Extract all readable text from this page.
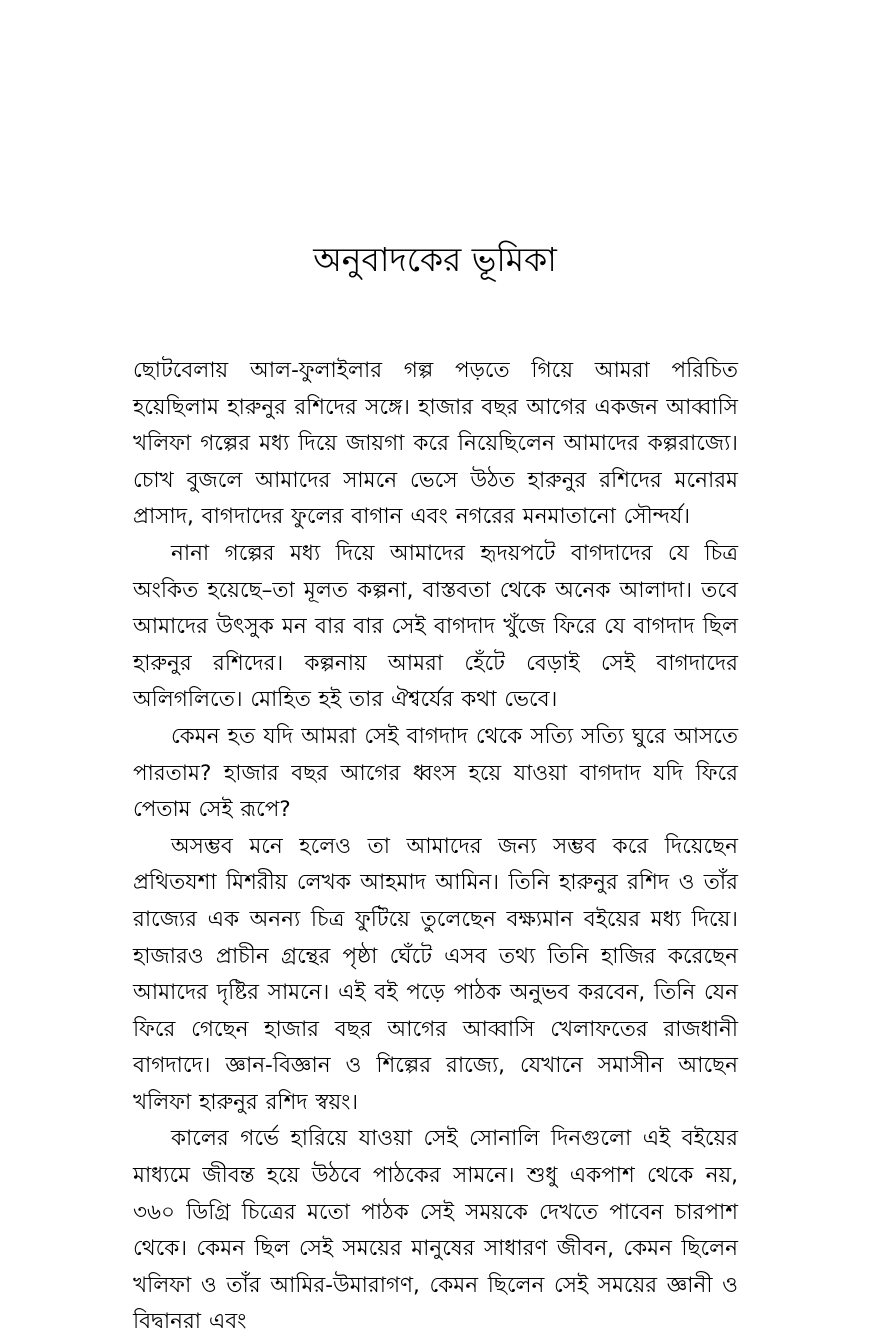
অনুবাদকের ভূমিকা

ছোটবেলায় আল-ফুলাইলার গল্প পড়তে গিয়ে আমরা পরিচিত হয়েছিলাম হারুনুর রশিদের সঙ্গে। হাজার বছর আগের একজন আব্বাসি খলিফা গল্পের মধ্য দিয়ে জায়গা করে নিয়েছিলেন আমাদের কল্পরাজ্যে। চোখ বুজলে আমাদের সামনে ভেসে উঠত হারুনুর রশিদের মনোরম প্রাসাদ, বাগদাদের ফুলের বাগান এবং নগরের মনমাতানো সৌন্দর্য।

নানা গল্পের মধ্য দিয়ে আমাদের হৃদয়পটে বাগদাদের যে চিত্র অংকিত হয়েছে–তা মূলত কল্পনা, বাস্তবতা থেকে অনেক আলাদা। তবে আমাদের উৎসুক মন বার বার সেই বাগদাদ খুঁজে ফিরে যে বাগদাদ ছিল হারুনুর রশিদের। কল্পনায় আমরা হেঁটে বেড়াই সেই বাগদাদের অলিগলিতে। মোহিত হই তার ঐশ্বর্যের কথা ভেবে।

কেমন হত যদি আমরা সেই বাগদাদ থেকে সত্যি সত্যি ঘুরে আসতে পারতাম? হাজার বছর আগের ধ্বংস হয়ে যাওয়া বাগদাদ যদি ফিরে পেতাম সেই রূপে?

অসম্ভব মনে হলেও তা আমাদের জন্য সম্ভব করে দিয়েছেন প্রথিতযশা মিশরীয় লেখক আহমাদ আমিন। তিনি হারুনুর রশিদ ও তাঁর রাজ্যের এক অনন্য চিত্র ফুটিয়ে তুলেছেন বক্ষ্যমান বইয়ের মধ্য দিয়ে। হাজারও প্রাচীন গ্রন্থের পৃষ্ঠা ঘেঁটে এসব তথ্য তিনি হাজির করেছেন আমাদের দৃষ্টির সামনে। এই বই পড়ে পাঠক অনুভব করবেন, তিনি যেন ফিরে গেছেন হাজার বছর আগের আব্বাসি খেলাফতের রাজধানী বাগদাদে। জ্ঞান-বিজ্ঞান ও শিল্পের রাজ্যে, যেখানে সমাসীন আছেন খলিফা হারুনুর রশিদ স্বয়ং।

কালের গর্ভে হারিয়ে যাওয়া সেই সোনালি দিনগুলো এই বইয়ের মাধ্যমে জীবন্ত হয়ে উঠবে পাঠকের সামনে। শুধু একপাশ থেকে নয়, ৩৬০ ডিগ্রি চিত্রের মতো পাঠক সেই সময়কে দেখতে পাবেন চারপাশ থেকে। কেমন ছিল সেই সময়ের মানুষের সাধারণ জীবন, কেমন ছিলেন খলিফা ও তাঁর আমির-উমারাগণ, কেমন ছিলেন সেই সময়ের জ্ঞানী ও বিদ্বানরা এবং
